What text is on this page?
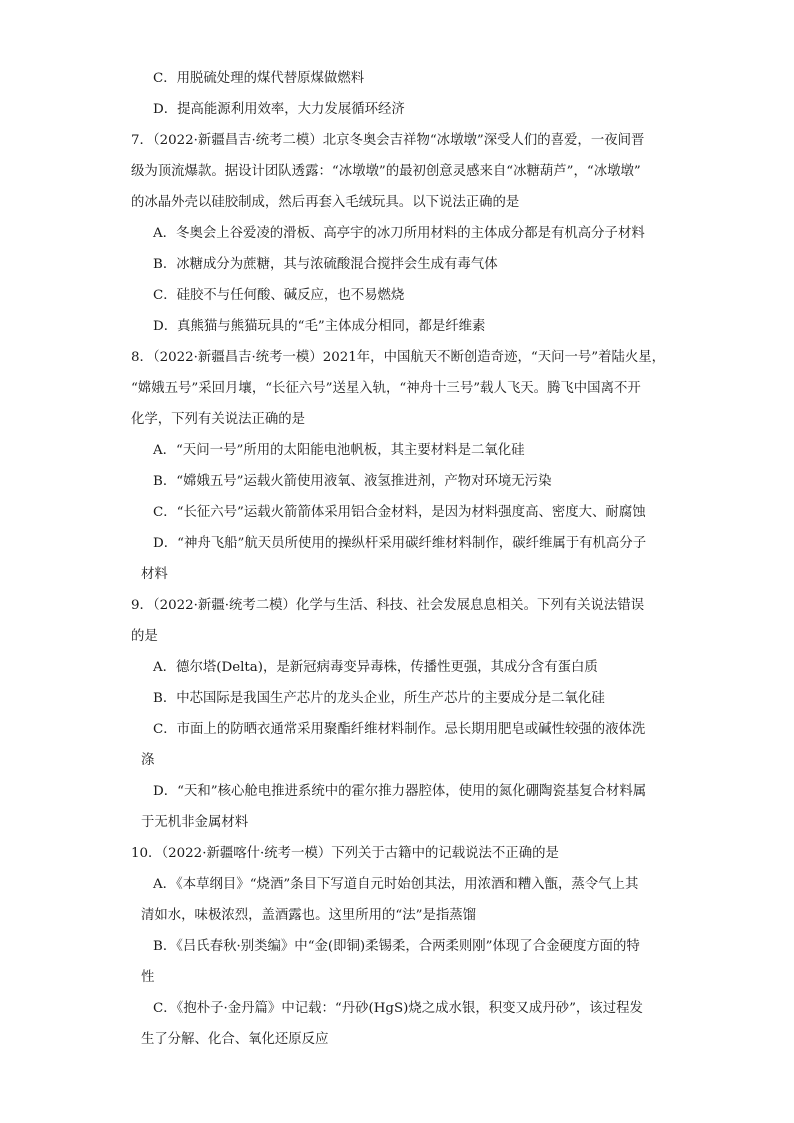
C．用脱硫处理的煤代替原煤做燃料
D．提高能源利用效率，大力发展循环经济
7．（2022·新疆昌吉·统考二模）北京冬奥会吉祥物“冰墩墩”深受人们的喜爱，一夜间晋
级为顶流爆款。据设计团队透露：“冰墩墩”的最初创意灵感来自“冰糖葫芦”，“冰墩墩”
的冰晶外壳以硅胶制成，然后再套入毛绒玩具。以下说法正确的是
A．冬奥会上谷爱凌的滑板、高亭宇的冰刀所用材料的主体成分都是有机高分子材料
B．冰糖成分为蔗糖，其与浓硫酸混合搅拌会生成有毒气体
C．硅胶不与任何酸、碱反应，也不易燃烧
D．真熊猫与熊猫玩具的“毛”主体成分相同，都是纤维素
8．（2022·新疆昌吉·统考一模）2021年，中国航天不断创造奇迹，“天问一号”着陆火星，
“嫦娥五号”采回月壤，“长征六号”送星入轨，“神舟十三号”载人飞天。腾飞中国离不开
化学，下列有关说法正确的是
A．“天问一号”所用的太阳能电池帆板，其主要材料是二氧化硅
B．“嫦娥五号”运载火箭使用液氧、液氢推进剂，产物对环境无污染
C．“长征六号”运载火箭箭体采用铝合金材料，是因为材料强度高、密度大、耐腐蚀
D．“神舟飞船”航天员所使用的操纵杆采用碳纤维材料制作，碳纤维属于有机高分子
材料
9．（2022·新疆·统考二模）化学与生活、科技、社会发展息息相关。下列有关说法错误
的是
A．德尔塔(Delta)，是新冠病毒变异毒株，传播性更强，其成分含有蛋白质
B．中芯国际是我国生产芯片的龙头企业，所生产芯片的主要成分是二氧化硅
C．市面上的防晒衣通常采用聚酯纤维材料制作。忌长期用肥皂或碱性较强的液体洗
涤
D．“天和”核心舱电推进系统中的霍尔推力器腔体，使用的氮化硼陶瓷基复合材料属
于无机非金属材料
10．（2022·新疆喀什·统考一模）下列关于古籍中的记载说法不正确的是
A．《本草纲目》“烧酒”条目下写道自元时始创其法，用浓酒和糟入甑，蒸令气上其
清如水，味极浓烈，盖酒露也。这里所用的“法”是指蒸馏
B．《吕氏春秋·别类编》中“金(即铜)柔锡柔，合两柔则刚”体现了合金硬度方面的特
性
C．《抱朴子·金丹篇》中记载：“丹砂(HgS)烧之成水银，积变又成丹砂”，该过程发
生了分解、化合、氧化还原反应
